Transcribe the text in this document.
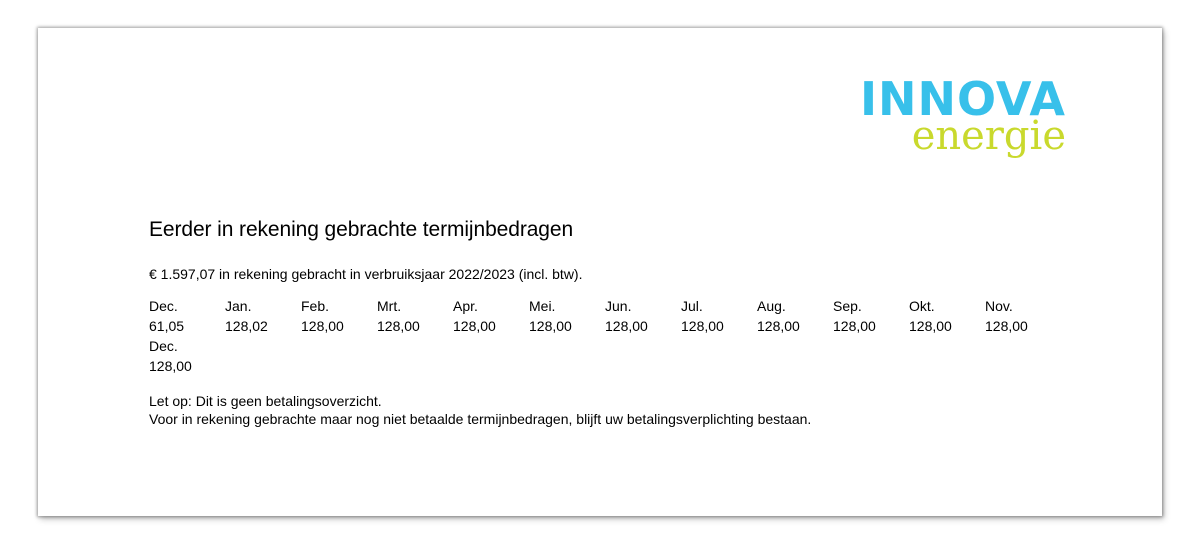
INNOVA
energie
Eerder in rekening gebrachte termijnbedragen
€ 1.597,07 in rekening gebracht in verbruiksjaar 2022/2023 (incl. btw).
Dec.
61,05
Jan.
128,02
Feb.
128,00
Mrt.
128,00
Apr.
128,00
Mei.
128,00
Jun.
128,00
Jul.
128,00
Aug.
128,00
Sep.
128,00
Okt.
128,00
Nov.
128,00
Dec.
128,00

Let op: Dit is geen betalingsoverzicht.

Voor in rekening gebrachte maar nog niet betaalde termijnbedragen, blijft uw betalingsverplichting bestaan.
